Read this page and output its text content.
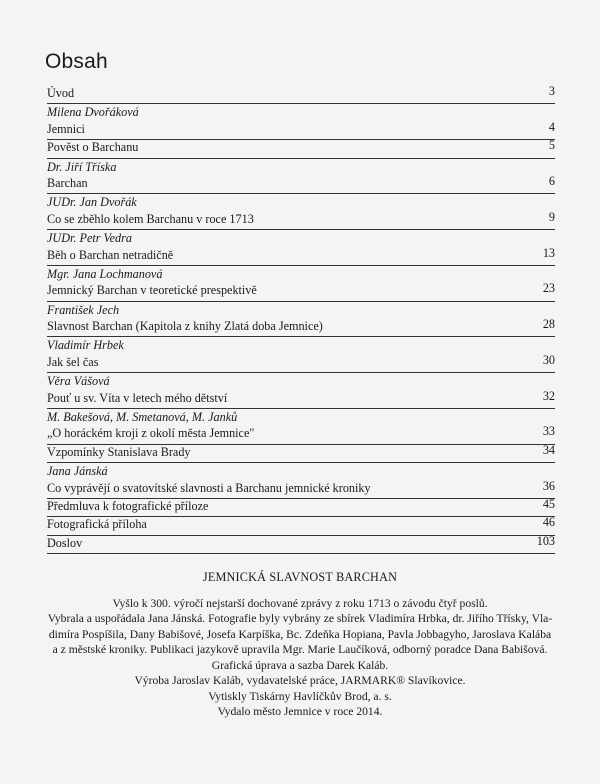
Obsah
Úvod	3
Milena Dvořáková
Jemnici	4
Pověst o Barchanu	5
Dr. Jiří Tříska
Barchan	6
JUDr. Jan Dvořák
Co se zběhlo kolem Barchanu v roce 1713	9
JUDr. Petr Vedra
Běh o Barchan netradičně	13
Mgr. Jana Lochmanová
Jemnický Barchan v teoretické prespektivě	23
František Jech
Slavnost Barchan (Kapitola z knihy Zlatá doba Jemnice)	28
Vladimír Hrbek
Jak šel čas	30
Věra Vášová
Pouť u sv. Víta v letech mého dětství	32
M. Bakešová, M. Smetanová, M. Janků
„O horáckém kroji z okolí města Jemnice"	33
Vzpomínky Stanislava Brady	34
Jana Jánská
Co vyprávějí o svatovítské slavnosti a Barchanu jemnické kroniky	36
Předmluva k fotografické příloze	45
Fotografická příloha	46
Doslov	103
JEMNICKÁ SLAVNOST BARCHAN
Vyšlo k 300. výročí nejstarší dochované zprávy z roku 1713 o závodu čtyř poslů.
Vybrala a uspořádala Jana Jánská. Fotografie byly vybrány ze sbírek Vladimíra Hrbka, dr. Jiřího Třísky, Vla-
dimíra Pospíšila, Dany Babišové, Josefa Karpíška, Bc. Zdeňka Hopiana, Pavla Jobbagyho, Jaroslava Kalába
a z městské kroniky. Publikaci jazykově upravila Mgr. Marie Laučíková, odborný poradce Dana Babišová.
Grafická úprava a sazba Darek Kaláb.
Výroba Jaroslav Kaláb, vydavatelské práce, JARMARK® Slavíkovice.
Vytiskly Tiskárny Havlíčkův Brod, a. s.
Vydalo město Jemnice v roce 2014.
